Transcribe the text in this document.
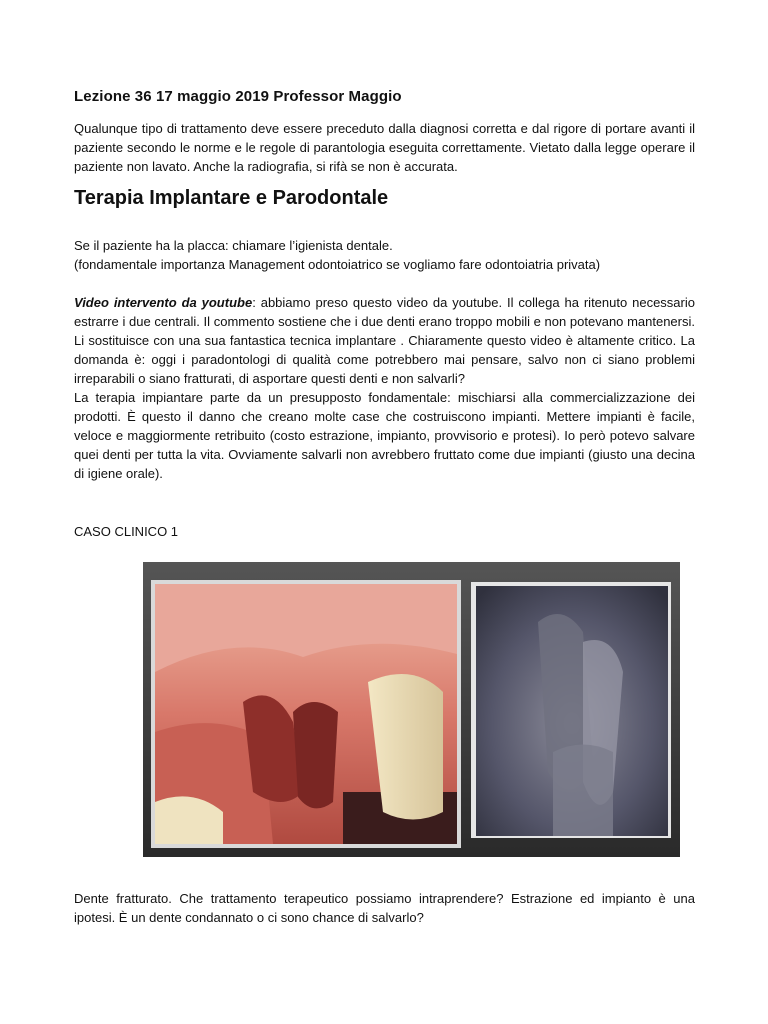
Lezione 36 17 maggio 2019 Professor Maggio
Qualunque tipo di trattamento deve essere preceduto dalla diagnosi corretta e dal rigore di portare avanti il paziente secondo le norme e le regole di parantologia eseguita correttamente. Vietato dalla legge operare il paziente non lavato. Anche la radiografia, si rifà se non è accurata.
Terapia Implantare e Parodontale
Se il paziente ha la placca: chiamare l’igienista dentale.
(fondamentale importanza Management odontoiatrico se vogliamo fare odontoiatria privata)
Video intervento da youtube: abbiamo preso questo video da youtube. Il collega ha ritenuto necessario estrarre i due centrali. Il commento sostiene che i due denti erano troppo mobili e non potevano mantenersi. Li sostituisce con una sua fantastica tecnica implantare . Chiaramente questo video è altamente critico. La domanda è: oggi i paradontologi di qualità come potrebbero mai pensare, salvo non ci siano problemi irreparabili o siano fratturati, di asportare questi denti e non salvarli?
La terapia impiantare parte da un presupposto fondamentale: mischiarsi alla commercializzazione dei prodotti. È questo il danno che creano molte case che costruiscono impianti. Mettere impianti è facile, veloce e maggiormente retribuito (costo estrazione, impianto, provvisorio e protesi). Io però potevo salvare quei denti per tutta la vita. Ovviamente salvarli non avrebbero fruttato come due impianti (giusto una decina di igiene orale).
CASO CLINICO 1
Dente fratturato. Che trattamento terapeutico possiamo intraprendere? Estrazione ed impianto è una ipotesi. È un dente condannato o ci sono chance di salvarlo?
